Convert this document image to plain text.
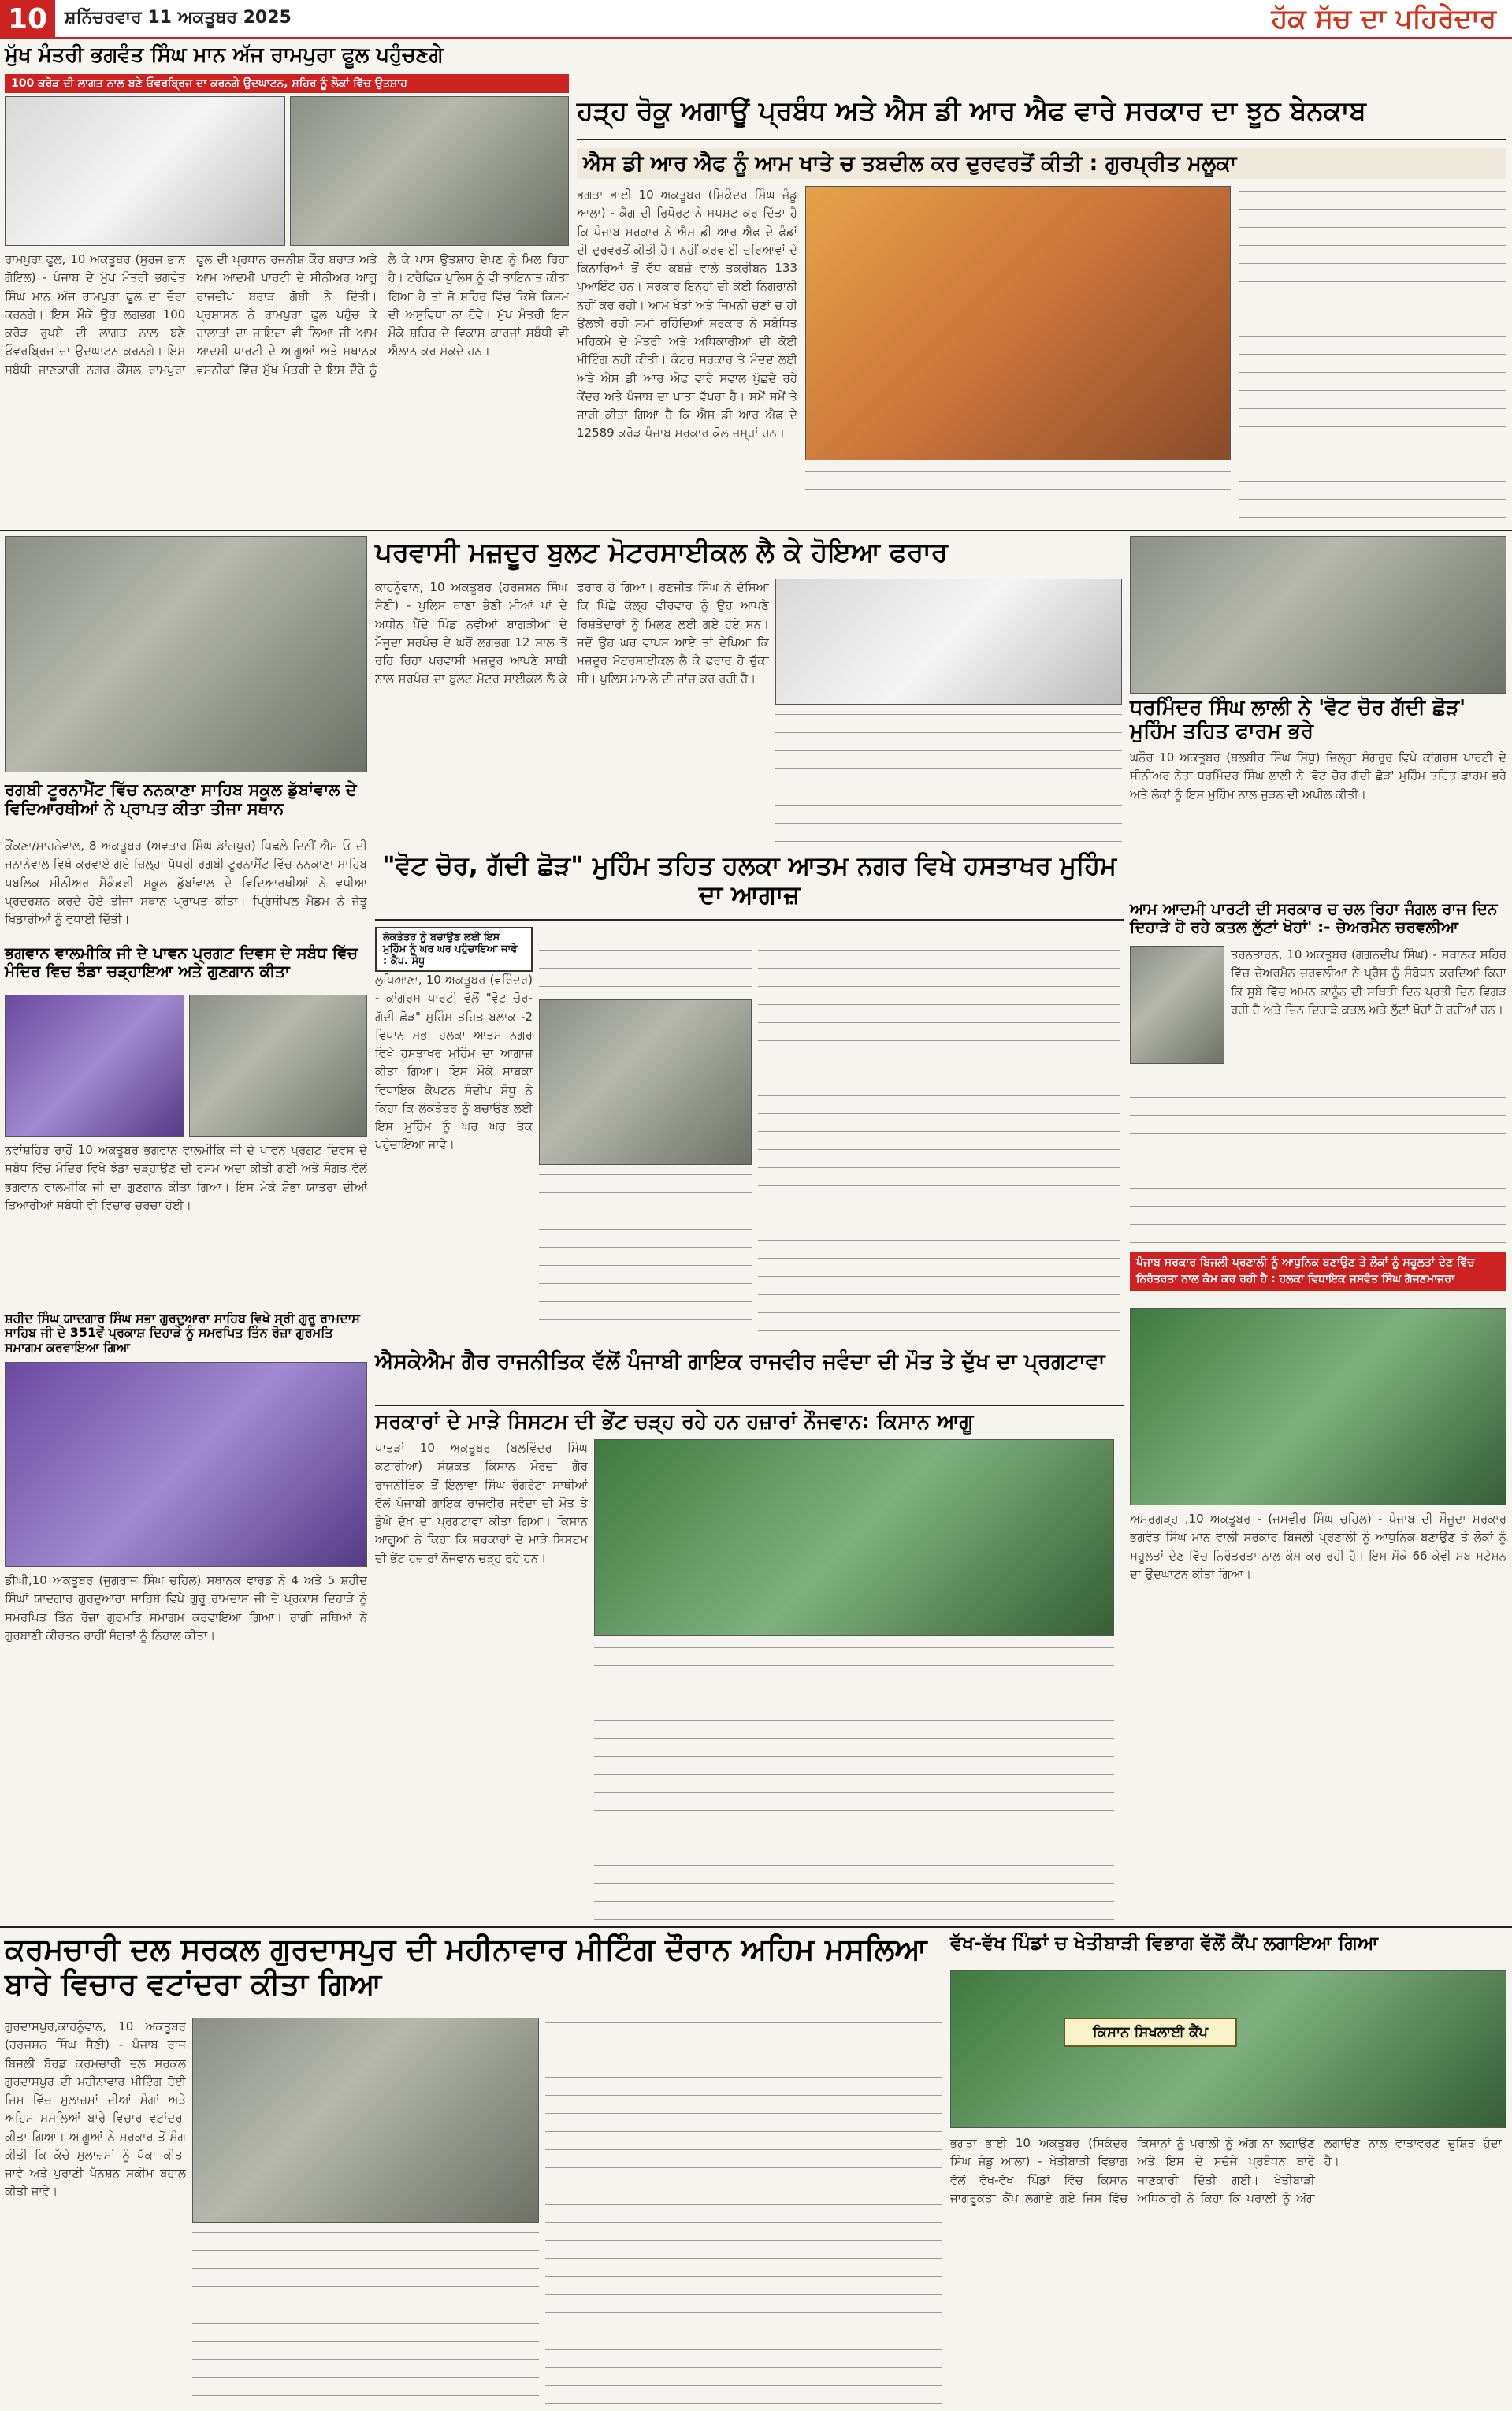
10 ਸ਼ਨਿੱਚਰਵਾਰ 11 ਅਕਤੂਬਰ 2025	ਹੱਕ ਸੱਚ ਦਾ ਪਹਿਰੇਦਾਰ
ਮੁੱਖ ਮੰਤਰੀ ਭਗਵੰਤ ਸਿੰਘ ਮਾਨ ਅੱਜ ਰਾਮਪੁਰਾ ਫੂਲ ਪਹੁੰਚਣਗੇ
100 ਕਰੋੜ ਦੀ ਲਾਗਤ ਨਾਲ ਬਣੇ ਓਵਰਬ੍ਰਿਜ ਦਾ ਕਰਨਗੇ ਉਦਘਾਟਨ, ਸ਼ਹਿਰ ਨੂੰ ਲੋਕਾਂ ਵਿੱਚ ਉਤਸ਼ਾਹ
ਰਾਮਪੁਰਾ ਫੂਲ, 10 ਅਕਤੂਬਰ (ਸੁਰਜ ਭਾਨ ਗੋਇਲ) - ਪੰਜਾਬ ਦੇ ਮੁੱਖ ਮੰਤਰੀ ਭਗਵੰਤ ਸਿੰਘ ਮਾਨ ਅੱਜ ਰਾਮਪੁਰਾ ਫੂਲ ਦਾ ਦੌਰਾ ਕਰਨਗੇ। ਇਸ ਮੌਕੇ ਉਹ ਲਗਭਗ 100 ਕਰੋੜ ਰੁਪਏ ਦੀ ਲਾਗਤ ਨਾਲ ਬਣੇ ਓਵਰਬ੍ਰਿਜ ਦਾ ਉਦਘਾਟਨ ਕਰਨਗੇ। ਇਸ ਸਬੰਧੀ ਜਾਣਕਾਰੀ ਨਗਰ ਕੌਂਸਲ ਰਾਮਪੁਰਾ ਫੂਲ ਦੀ ਪ੍ਰਧਾਨ ਰਜਨੀਸ਼ ਕੌਰ ਬਰਾੜ ਅਤੇ ਆਮ ਆਦਮੀ ਪਾਰਟੀ ਦੇ ਸੀਨੀਅਰ ਆਗੂ ਰਾਜਦੀਪ ਬਰਾੜ ਗੋਬੀ ਨੇ ਦਿੱਤੀ। ਪ੍ਰਸ਼ਾਸਨ ਨੇ ਰਾਮਪੁਰਾ ਫੂਲ ਪਹੁੰਚ ਕੇ ਹਾਲਾਤਾਂ ਦਾ ਜਾਇਜ਼ਾ ਵੀ ਲਿਆ ਜੀ ਆਮ ਆਦਮੀ ਪਾਰਟੀ ਦੇ ਆਗੂਆਂ ਅਤੇ ਸਥਾਨਕ ਵਸਨੀਕਾਂ ਵਿੱਚ ਮੁੱਖ ਮੰਤਰੀ ਦੇ ਇਸ ਦੌਰੇ ਨੂੰ ਲੈ ਕੇ ਖਾਸ ਉਤਸ਼ਾਹ ਦੇਖਣ ਨੂੰ ਮਿਲ ਰਿਹਾ ਹੈ। ਟਰੈਫਿਕ ਪੁਲਿਸ ਨੂੰ ਵੀ ਤਾਇਨਾਤ ਕੀਤਾ ਗਿਆ ਹੈ ਤਾਂ ਜੋ ਸ਼ਹਿਰ ਵਿੱਚ ਕਿਸੇ ਕਿਸਮ ਦੀ ਅਸੁਵਿਧਾ ਨਾ ਹੋਵੇ। ਮੁੱਖ ਮੰਤਰੀ ਇਸ ਮੌਕੇ ਸ਼ਹਿਰ ਦੇ ਵਿਕਾਸ ਕਾਰਜਾਂ ਸਬੰਧੀ ਵੀ ਐਲਾਨ ਕਰ ਸਕਦੇ ਹਨ।
ਹੜ੍ਹ ਰੋਕੂ ਅਗਾਊਂ ਪ੍ਰਬੰਧ ਅਤੇ ਐਸ ਡੀ ਆਰ ਐਫ ਵਾਰੇ ਸਰਕਾਰ ਦਾ ਝੂਠ ਬੇਨਕਾਬ
ਐਸ ਡੀ ਆਰ ਐਫ ਨੂੰ ਆਮ ਖਾਤੇ ਚ ਤਬਦੀਲ ਕਰ ਦੁਰਵਰਤੋਂ ਕੀਤੀ : ਗੁਰਪ੍ਰੀਤ ਮਲੂਕਾ
ਭਗਤਾ ਭਾਈ 10 ਅਕਤੂਬਰ (ਸਿਕੰਦਰ ਸਿੰਘ ਜੰਡੂ ਆਲਾ) - ਕੈਗ ਦੀ ਰਿਪੋਰਟ ਨੇ ਸਪਸ਼ਟ ਕਰ ਦਿੱਤਾ ਹੈ ਕਿ ਪੰਜਾਬ ਸਰਕਾਰ ਨੇ ਐਸ ਡੀ ਆਰ ਐਫ ਦੇ ਫੰਡਾਂ ਦੀ ਦੁਰਵਰਤੋਂ ਕੀਤੀ ਹੈ। ਨਹੀਂ ਕਰਵਾਈ ਦਰਿਆਵਾਂ ਦੇ ਕਿਨਾਰਿਆਂ ਤੋਂ ਵੱਧ ਕਬਜ਼ੇ ਵਾਲੇ ਤਕਰੀਬਨ 133 ਪੁਆਇੰਟ ਹਨ। ਸਰਕਾਰ ਇਨ੍ਹਾਂ ਦੀ ਕੋਈ ਨਿਗਰਾਨੀ ਨਹੀਂ ਕਰ ਰਹੀ। ਆਮ ਖੇਤਾਂ ਅਤੇ ਜਿਮਨੀ ਚੋਣਾਂ ਚ ਹੀ ਉਲਝੀ ਰਹੀ ਸਮਾਂ ਰਹਿੰਦਿਆਂ ਸਰਕਾਰ ਨੇ ਸਬੰਧਿਤ ਮਹਿਕਮੇ ਦੇ ਮੰਤਰੀ ਅਤੇ ਅਧਿਕਾਰੀਆਂ ਦੀ ਕੋਈ ਮੀਟਿੰਗ ਨਹੀਂ ਕੀਤੀ। ਕੰਟਰ ਸਰਕਾਰ ਤੇ ਮੰਦਦ ਲਈ ਅਤੇ ਐਸ ਡੀ ਆਰ ਐਫ ਵਾਰੇ ਸਵਾਲ ਪੁੱਛਦੇ ਰਹੇ ਕੇਂਦਰ ਅਤੇ ਪੰਜਾਬ ਦਾ ਖਾਤਾ ਵੱਖਰਾ ਹੈ। ਸਮੇਂ ਸਮੇਂ ਤੇ ਜਾਰੀ ਕੀਤਾ ਗਿਆ ਹੈ ਕਿ ਐਸ ਡੀ ਆਰ ਐਫ ਦੇ 12589 ਕਰੋੜ ਪੰਜਾਬ ਸਰਕਾਰ ਕੋਲ ਜਮ੍ਹਾਂ ਹਨ।
ਪਰਵਾਸੀ ਮਜ਼ਦੂਰ ਬੁਲਟ ਮੋਟਰਸਾਈਕਲ ਲੈ ਕੇ ਹੋਇਆ ਫਰਾਰ
ਕਾਹਨੂੰਵਾਨ, 10 ਅਕਤੂਬਰ (ਹਰਜਸ਼ਨ ਸਿੰਘ ਸੈਣੀ) - ਪੁਲਿਸ ਥਾਣਾ ਭੈਣੀ ਮੀਆਂ ਖਾਂ ਦੇ ਅਧੀਨ ਪੈਂਦੇ ਪਿੰਡ ਨਵੀਆਂ ਬਾਗੜੀਆਂ ਦੇ ਮੌਜੂਦਾ ਸਰਪੰਚ ਦੇ ਘਰੋਂ ਲਗਭਗ 12 ਸਾਲ ਤੋਂ ਰਹਿ ਰਿਹਾ ਪਰਵਾਸੀ ਮਜ਼ਦੂਰ ਆਪਣੇ ਸਾਥੀ ਨਾਲ ਸਰਪੰਚ ਦਾ ਬੁਲਟ ਮੋਟਰ ਸਾਈਕਲ ਲੈ ਕੇ ਫਰਾਰ ਹੋ ਗਿਆ। ਰਣਜੀਤ ਸਿੰਘ ਨੇ ਦੱਸਿਆ ਕਿ ਪਿੱਛੇ ਕੱਲ੍ਹ ਵੀਰਵਾਰ ਨੂੰ ਉਹ ਆਪਣੇ ਰਿਸ਼ਤੇਦਾਰਾਂ ਨੂੰ ਮਿਲਣ ਲਈ ਗਏ ਹੋਏ ਸਨ। ਜਦੋਂ ਉਹ ਘਰ ਵਾਪਸ ਆਏ ਤਾਂ ਦੇਖਿਆ ਕਿ ਮਜ਼ਦੂਰ ਮੋਟਰਸਾਈਕਲ ਲੈ ਕੇ ਫਰਾਰ ਹੋ ਚੁੱਕਾ ਸੀ। ਪੁਲਿਸ ਮਾਮਲੇ ਦੀ ਜਾਂਚ ਕਰ ਰਹੀ ਹੈ।
ਰਗਬੀ ਟੂਰਨਾਮੈਂਟ ਵਿੱਚ ਨਨਕਾਣਾ ਸਾਹਿਬ ਸਕੂਲ ਡੁੱਬਾਂਵਾਲ ਦੇ ਵਿਦਿਆਰਥੀਆਂ ਨੇ ਪ੍ਰਾਪਤ ਕੀਤਾ ਤੀਜਾ ਸਥਾਨ
ਕੌਂਕਣਾ/ਸਾਹਨੇਵਾਲ, 8 ਅਕਤੂਬਰ (ਅਵਤਾਰ ਸਿੰਘ ਡਾਂਗਪੁਰ) ਪਿਛਲੇ ਦਿਨੀਂ ਐਸ ਓ ਦੀ ਜਨਾਨੇਵਾਲ ਵਿਖੇ ਕਰਵਾਏ ਗਏ ਜ਼ਿਲ੍ਹਾ ਪੱਧਰੀ ਰਗਬੀ ਟੂਰਨਾਮੈਂਟ ਵਿੱਚ ਨਨਕਾਣਾ ਸਾਹਿਬ ਪਬਲਿਕ ਸੀਨੀਅਰ ਸੈਕੰਡਰੀ ਸਕੂਲ ਡੁੱਬਾਂਵਾਲ ਦੇ ਵਿਦਿਆਰਥੀਆਂ ਨੇ ਵਧੀਆ ਪ੍ਰਦਰਸ਼ਨ ਕਰਦੇ ਹੋਏ ਤੀਜਾ ਸਥਾਨ ਪ੍ਰਾਪਤ ਕੀਤਾ। ਪ੍ਰਿੰਸੀਪਲ ਮੈਡਮ ਨੇ ਜੇਤੂ ਖਿਡਾਰੀਆਂ ਨੂੰ ਵਧਾਈ ਦਿੱਤੀ।
ਭਗਵਾਨ ਵਾਲਮੀਕਿ ਜੀ ਦੇ ਪਾਵਨ ਪ੍ਰਗਟ ਦਿਵਸ ਦੇ ਸਬੰਧ ਵਿੱਚ ਮੰਦਿਰ ਵਿਚ ਝੰਡਾ ਚੜ੍ਹਾਇਆ ਅਤੇ ਗੁਣਗਾਨ ਕੀਤਾ
ਨਵਾਂਸ਼ਹਿਰ ਰਾਹੋਂ 10 ਅਕਤੂਬਰ ਭਗਵਾਨ ਵਾਲਮੀਕਿ ਜੀ ਦੇ ਪਾਵਨ ਪ੍ਰਗਟ ਦਿਵਸ ਦੇ ਸਬੰਧ ਵਿੱਚ ਮੰਦਿਰ ਵਿਖੇ ਝੰਡਾ ਚੜ੍ਹਾਉਣ ਦੀ ਰਸਮ ਅਦਾ ਕੀਤੀ ਗਈ ਅਤੇ ਸੰਗਤ ਵੱਲੋਂ ਭਗਵਾਨ ਵਾਲਮੀਕਿ ਜੀ ਦਾ ਗੁਣਗਾਨ ਕੀਤਾ ਗਿਆ। ਇਸ ਮੌਕੇ ਸ਼ੋਭਾ ਯਾਤਰਾ ਦੀਆਂ ਤਿਆਰੀਆਂ ਸਬੰਧੀ ਵੀ ਵਿਚਾਰ ਚਰਚਾ ਹੋਈ।
ਸ਼ਹੀਦ ਸਿੰਘ ਯਾਦਗਾਰ ਸਿੰਘ ਸਭਾ ਗੁਰਦੁਆਰਾ ਸਾਹਿਬ ਵਿਖੇ ਸ੍ਰੀ ਗੁਰੂ ਰਾਮਦਾਸ ਸਾਹਿਬ ਜੀ ਦੇ 351ਵੇਂ ਪ੍ਰਕਾਸ਼ ਦਿਹਾੜੇ ਨੂੰ ਸਮਰਪਿਤ ਤਿੰਨ ਰੋਜ਼ਾ ਗੁਰਮਤਿ ਸਮਾਗਮ ਕਰਵਾਇਆ ਗਿਆ
ਡੀਘੀ,10 ਅਕਤੂਬਰ (ਜੁਗਰਾਜ ਸਿੰਘ ਚਹਿਲ) ਸਥਾਨਕ ਵਾਰਡ ਨੰ 4 ਅਤੇ 5 ਸ਼ਹੀਦ ਸਿੰਘਾਂ ਯਾਦਗਾਰ ਗੁਰਦੁਆਰਾ ਸਾਹਿਬ ਵਿਖੇ ਗੁਰੂ ਰਾਮਦਾਸ ਜੀ ਦੇ ਪ੍ਰਕਾਸ਼ ਦਿਹਾੜੇ ਨੂੰ ਸਮਰਪਿਤ ਤਿੰਨ ਰੋਜ਼ਾ ਗੁਰਮਤਿ ਸਮਾਗਮ ਕਰਵਾਇਆ ਗਿਆ। ਰਾਗੀ ਜਥਿਆਂ ਨੇ ਗੁਰਬਾਣੀ ਕੀਰਤਨ ਰਾਹੀਂ ਸੰਗਤਾਂ ਨੂੰ ਨਿਹਾਲ ਕੀਤਾ।
"ਵੋਟ ਚੋਰ, ਗੱਦੀ ਛੋੜ" ਮੁਹਿੰਮ ਤਹਿਤ ਹਲਕਾ ਆਤਮ ਨਗਰ ਵਿਖੇ ਹਸਤਾਖਰ ਮੁਹਿੰਮ ਦਾ ਆਗਾਜ਼
ਲੋਕਤੰਤਰ ਨੂੰ ਬਚਾਉਣ ਲਈ ਇਸ ਮੁਹਿੰਮ ਨੂੰ ਘਰ ਘਰ ਪਹੁੰਚਾਇਆ ਜਾਵੇ : ਕੈਪ. ਸੰਧੂ
ਲੁਧਿਆਣਾ, 10 ਅਕਤੂਬਰ (ਵਰਿੰਦਰ) - ਕਾਂਗਰਸ ਪਾਰਟੀ ਵੱਲੋਂ "ਵੋਟ ਚੋਰ-ਗੱਦੀ ਛੋੜ" ਮੁਹਿੰਮ ਤਹਿਤ ਬਲਾਕ -2 ਵਿਧਾਨ ਸਭਾ ਹਲਕਾ ਆਤਮ ਨਗਰ ਵਿਖੇ ਹਸਤਾਖਰ ਮੁਹਿੰਮ ਦਾ ਆਗਾਜ਼ ਕੀਤਾ ਗਿਆ। ਇਸ ਮੌਕੇ ਸਾਬਕਾ ਵਿਧਾਇਕ ਕੈਪਟਨ ਸੰਦੀਪ ਸੰਧੂ ਨੇ ਕਿਹਾ ਕਿ ਲੋਕਤੰਤਰ ਨੂੰ ਬਚਾਉਣ ਲਈ ਇਸ ਮੁਹਿੰਮ ਨੂੰ ਘਰ ਘਰ ਤੱਕ ਪਹੁੰਚਾਇਆ ਜਾਵੇ।
ਧਰਮਿੰਦਰ ਸਿੰਘ ਲਾਲੀ ਨੇ 'ਵੋਟ ਚੋਰ ਗੱਦੀ ਛੋੜ' ਮੁਹਿੰਮ ਤਹਿਤ ਫਾਰਮ ਭਰੇ
ਘਨੌਰ 10 ਅਕਤੂਬਰ (ਬਲਬੀਰ ਸਿੰਘ ਸਿੱਧੂ) ਜ਼ਿਲ੍ਹਾ ਸੰਗਰੂਰ ਵਿਖੇ ਕਾਂਗਰਸ ਪਾਰਟੀ ਦੇ ਸੀਨੀਅਰ ਨੇਤਾ ਧਰਮਿੰਦਰ ਸਿੰਘ ਲਾਲੀ ਨੇ 'ਵੋਟ ਚੋਰ ਗੱਦੀ ਛੋੜ' ਮੁਹਿੰਮ ਤਹਿਤ ਫਾਰਮ ਭਰੇ ਅਤੇ ਲੋਕਾਂ ਨੂੰ ਇਸ ਮੁਹਿੰਮ ਨਾਲ ਜੁੜਨ ਦੀ ਅਪੀਲ ਕੀਤੀ।
ਆਮ ਆਦਮੀ ਪਾਰਟੀ ਦੀ ਸਰਕਾਰ ਚ ਚਲ ਰਿਹਾ ਜੰਗਲ ਰਾਜ ਦਿਨ ਦਿਹਾੜੇ ਹੋ ਰਹੇ ਕਤਲ ਲੁੱਟਾਂ ਖੋਹਾਂ' :- ਚੇਅਰਮੈਨ ਚਰਵਲੀਆ
ਤਰਨਤਾਰਨ, 10 ਅਕਤੂਬਰ (ਗਗਨਦੀਪ ਸਿੰਘ) - ਸਥਾਨਕ ਸ਼ਹਿਰ ਵਿੱਚ ਚੇਅਰਮੈਨ ਚਰਵਲੀਆ ਨੇ ਪ੍ਰੈਸ ਨੂੰ ਸੰਬੋਧਨ ਕਰਦਿਆਂ ਕਿਹਾ ਕਿ ਸੂਬੇ ਵਿੱਚ ਅਮਨ ਕਾਨੂੰਨ ਦੀ ਸਥਿਤੀ ਦਿਨ ਪ੍ਰਤੀ ਦਿਨ ਵਿਗੜ ਰਹੀ ਹੈ ਅਤੇ ਦਿਨ ਦਿਹਾੜੇ ਕਤਲ ਅਤੇ ਲੁੱਟਾਂ ਖੋਹਾਂ ਹੋ ਰਹੀਆਂ ਹਨ।
ਪੰਜਾਬ ਸਰਕਾਰ ਬਿਜਲੀ ਪ੍ਰਣਾਲੀ ਨੂੰ ਆਧੁਨਿਕ ਬਣਾਉਣ ਤੇ ਲੋਕਾਂ ਨੂੰ ਸਹੂਲਤਾਂ ਦੇਣ ਵਿੱਚ ਨਿਰੰਤਰਤਾ ਨਾਲ ਕੰਮ ਕਰ ਰਹੀ ਹੈ : ਹਲਕਾ ਵਿਧਾਇਕ ਜਸਵੰਤ ਸਿੰਘ ਗੱਜਣਮਾਜਰਾ
ਅਮਰਗੜ੍ਹ ,10 ਅਕਤੂਬਰ - (ਜਸਵੀਰ ਸਿੰਘ ਚਹਿਲ) - ਪੰਜਾਬ ਦੀ ਮੌਜੂਦਾ ਸਰਕਾਰ ਭਗਵੰਤ ਸਿੰਘ ਮਾਨ ਵਾਲੀ ਸਰਕਾਰ ਬਿਜਲੀ ਪ੍ਰਣਾਲੀ ਨੂੰ ਆਧੁਨਿਕ ਬਣਾਉਣ ਤੇ ਲੋਕਾਂ ਨੂੰ ਸਹੂਲਤਾਂ ਦੇਣ ਵਿੱਚ ਨਿਰੰਤਰਤਾ ਨਾਲ ਕੰਮ ਕਰ ਰਹੀ ਹੈ। ਇਸ ਮੌਕੇ 66 ਕੇਵੀ ਸਬ ਸਟੇਸ਼ਨ ਦਾ ਉਦਘਾਟਨ ਕੀਤਾ ਗਿਆ।
ਐਸਕੇਐਮ ਗੈਰ ਰਾਜਨੀਤਿਕ ਵੱਲੋਂ ਪੰਜਾਬੀ ਗਾਇਕ ਰਾਜਵੀਰ ਜਵੰਦਾ ਦੀ ਮੌਤ ਤੇ ਦੁੱਖ ਦਾ ਪ੍ਰਗਟਾਵਾ
ਸਰਕਾਰਾਂ ਦੇ ਮਾੜੇ ਸਿਸਟਮ ਦੀ ਭੇਂਟ ਚੜ੍ਹ ਰਹੇ ਹਨ ਹਜ਼ਾਰਾਂ ਨੌਜਵਾਨ: ਕਿਸਾਨ ਆਗੂ
ਪਾਤੜਾਂ 10 ਅਕਤੂਬਰ (ਬਲਵਿੰਦਰ ਸਿੰਘ ਕਟਾਰੀਆ) ਸੰਯੁਕਤ ਕਿਸਾਨ ਮੋਰਚਾ ਗੈਰ ਰਾਜਨੀਤਿਕ ਤੋਂ ਇਲਾਵਾ ਸਿੰਘ ਰੰਗਰੇਟਾ ਸਾਥੀਆਂ ਵੱਲੋਂ ਪੰਜਾਬੀ ਗਾਇਕ ਰਾਜਵੀਰ ਜਵੰਦਾ ਦੀ ਮੌਤ ਤੇ ਡੂੰਘੇ ਦੁੱਖ ਦਾ ਪ੍ਰਗਟਾਵਾ ਕੀਤਾ ਗਿਆ। ਕਿਸਾਨ ਆਗੂਆਂ ਨੇ ਕਿਹਾ ਕਿ ਸਰਕਾਰਾਂ ਦੇ ਮਾੜੇ ਸਿਸਟਮ ਦੀ ਭੇਂਟ ਹਜ਼ਾਰਾਂ ਨੌਜਵਾਨ ਚੜ੍ਹ ਰਹੇ ਹਨ।
ਕਰਮਚਾਰੀ ਦਲ ਸਰਕਲ ਗੁਰਦਾਸਪੁਰ ਦੀ ਮਹੀਨਾਵਾਰ ਮੀਟਿੰਗ ਦੌਰਾਨ ਅਹਿਮ ਮਸਲਿਆ ਬਾਰੇ ਵਿਚਾਰ ਵਟਾਂਦਰਾ ਕੀਤਾ ਗਿਆ
ਗੁਰਦਾਸਪੁਰ,ਕਾਹਨੂੰਵਾਨ, 10 ਅਕਤੂਬਰ (ਹਰਜਸ਼ਨ ਸਿੰਘ ਸੈਣੀ) - ਪੰਜਾਬ ਰਾਜ ਬਿਜਲੀ ਬੋਰਡ ਕਰਮਚਾਰੀ ਦਲ ਸਰਕਲ ਗੁਰਦਾਸਪੁਰ ਦੀ ਮਹੀਨਾਵਾਰ ਮੀਟਿੰਗ ਹੋਈ ਜਿਸ ਵਿੱਚ ਮੁਲਾਜ਼ਮਾਂ ਦੀਆਂ ਮੰਗਾਂ ਅਤੇ ਅਹਿਮ ਮਸਲਿਆਂ ਬਾਰੇ ਵਿਚਾਰ ਵਟਾਂਦਰਾ ਕੀਤਾ ਗਿਆ। ਆਗੂਆਂ ਨੇ ਸਰਕਾਰ ਤੋਂ ਮੰਗ ਕੀਤੀ ਕਿ ਕੱਚੇ ਮੁਲਾਜ਼ਮਾਂ ਨੂੰ ਪੱਕਾ ਕੀਤਾ ਜਾਵੇ ਅਤੇ ਪੁਰਾਣੀ ਪੈਨਸ਼ਨ ਸਕੀਮ ਬਹਾਲ ਕੀਤੀ ਜਾਵੇ।
ਵੱਖ-ਵੱਖ ਪਿੰਡਾਂ ਚ ਖੇਤੀਬਾੜੀ ਵਿਭਾਗ ਵੱਲੋਂ ਕੈਂਪ ਲਗਾਇਆ ਗਿਆ
ਕਿਸਾਨ ਸਿਖਲਾਈ ਕੈਂਪ
ਭਗਤਾ ਭਾਈ 10 ਅਕਤੂਬਰ (ਸਿਕੰਦਰ ਸਿੰਘ ਜੰਡੂ ਆਲਾ) - ਖੇਤੀਬਾੜੀ ਵਿਭਾਗ ਵੱਲੋਂ ਵੱਖ-ਵੱਖ ਪਿੰਡਾਂ ਵਿੱਚ ਕਿਸਾਨ ਜਾਗਰੂਕਤਾ ਕੈਂਪ ਲਗਾਏ ਗਏ ਜਿਸ ਵਿੱਚ ਕਿਸਾਨਾਂ ਨੂੰ ਪਰਾਲੀ ਨੂੰ ਅੱਗ ਨਾ ਲਗਾਉਣ ਅਤੇ ਇਸ ਦੇ ਸੁਚੱਜੇ ਪ੍ਰਬੰਧਨ ਬਾਰੇ ਜਾਣਕਾਰੀ ਦਿੱਤੀ ਗਈ। ਖੇਤੀਬਾੜੀ ਅਧਿਕਾਰੀ ਨੇ ਕਿਹਾ ਕਿ ਪਰਾਲੀ ਨੂੰ ਅੱਗ ਲਗਾਉਣ ਨਾਲ ਵਾਤਾਵਰਣ ਦੂਸ਼ਿਤ ਹੁੰਦਾ ਹੈ।
